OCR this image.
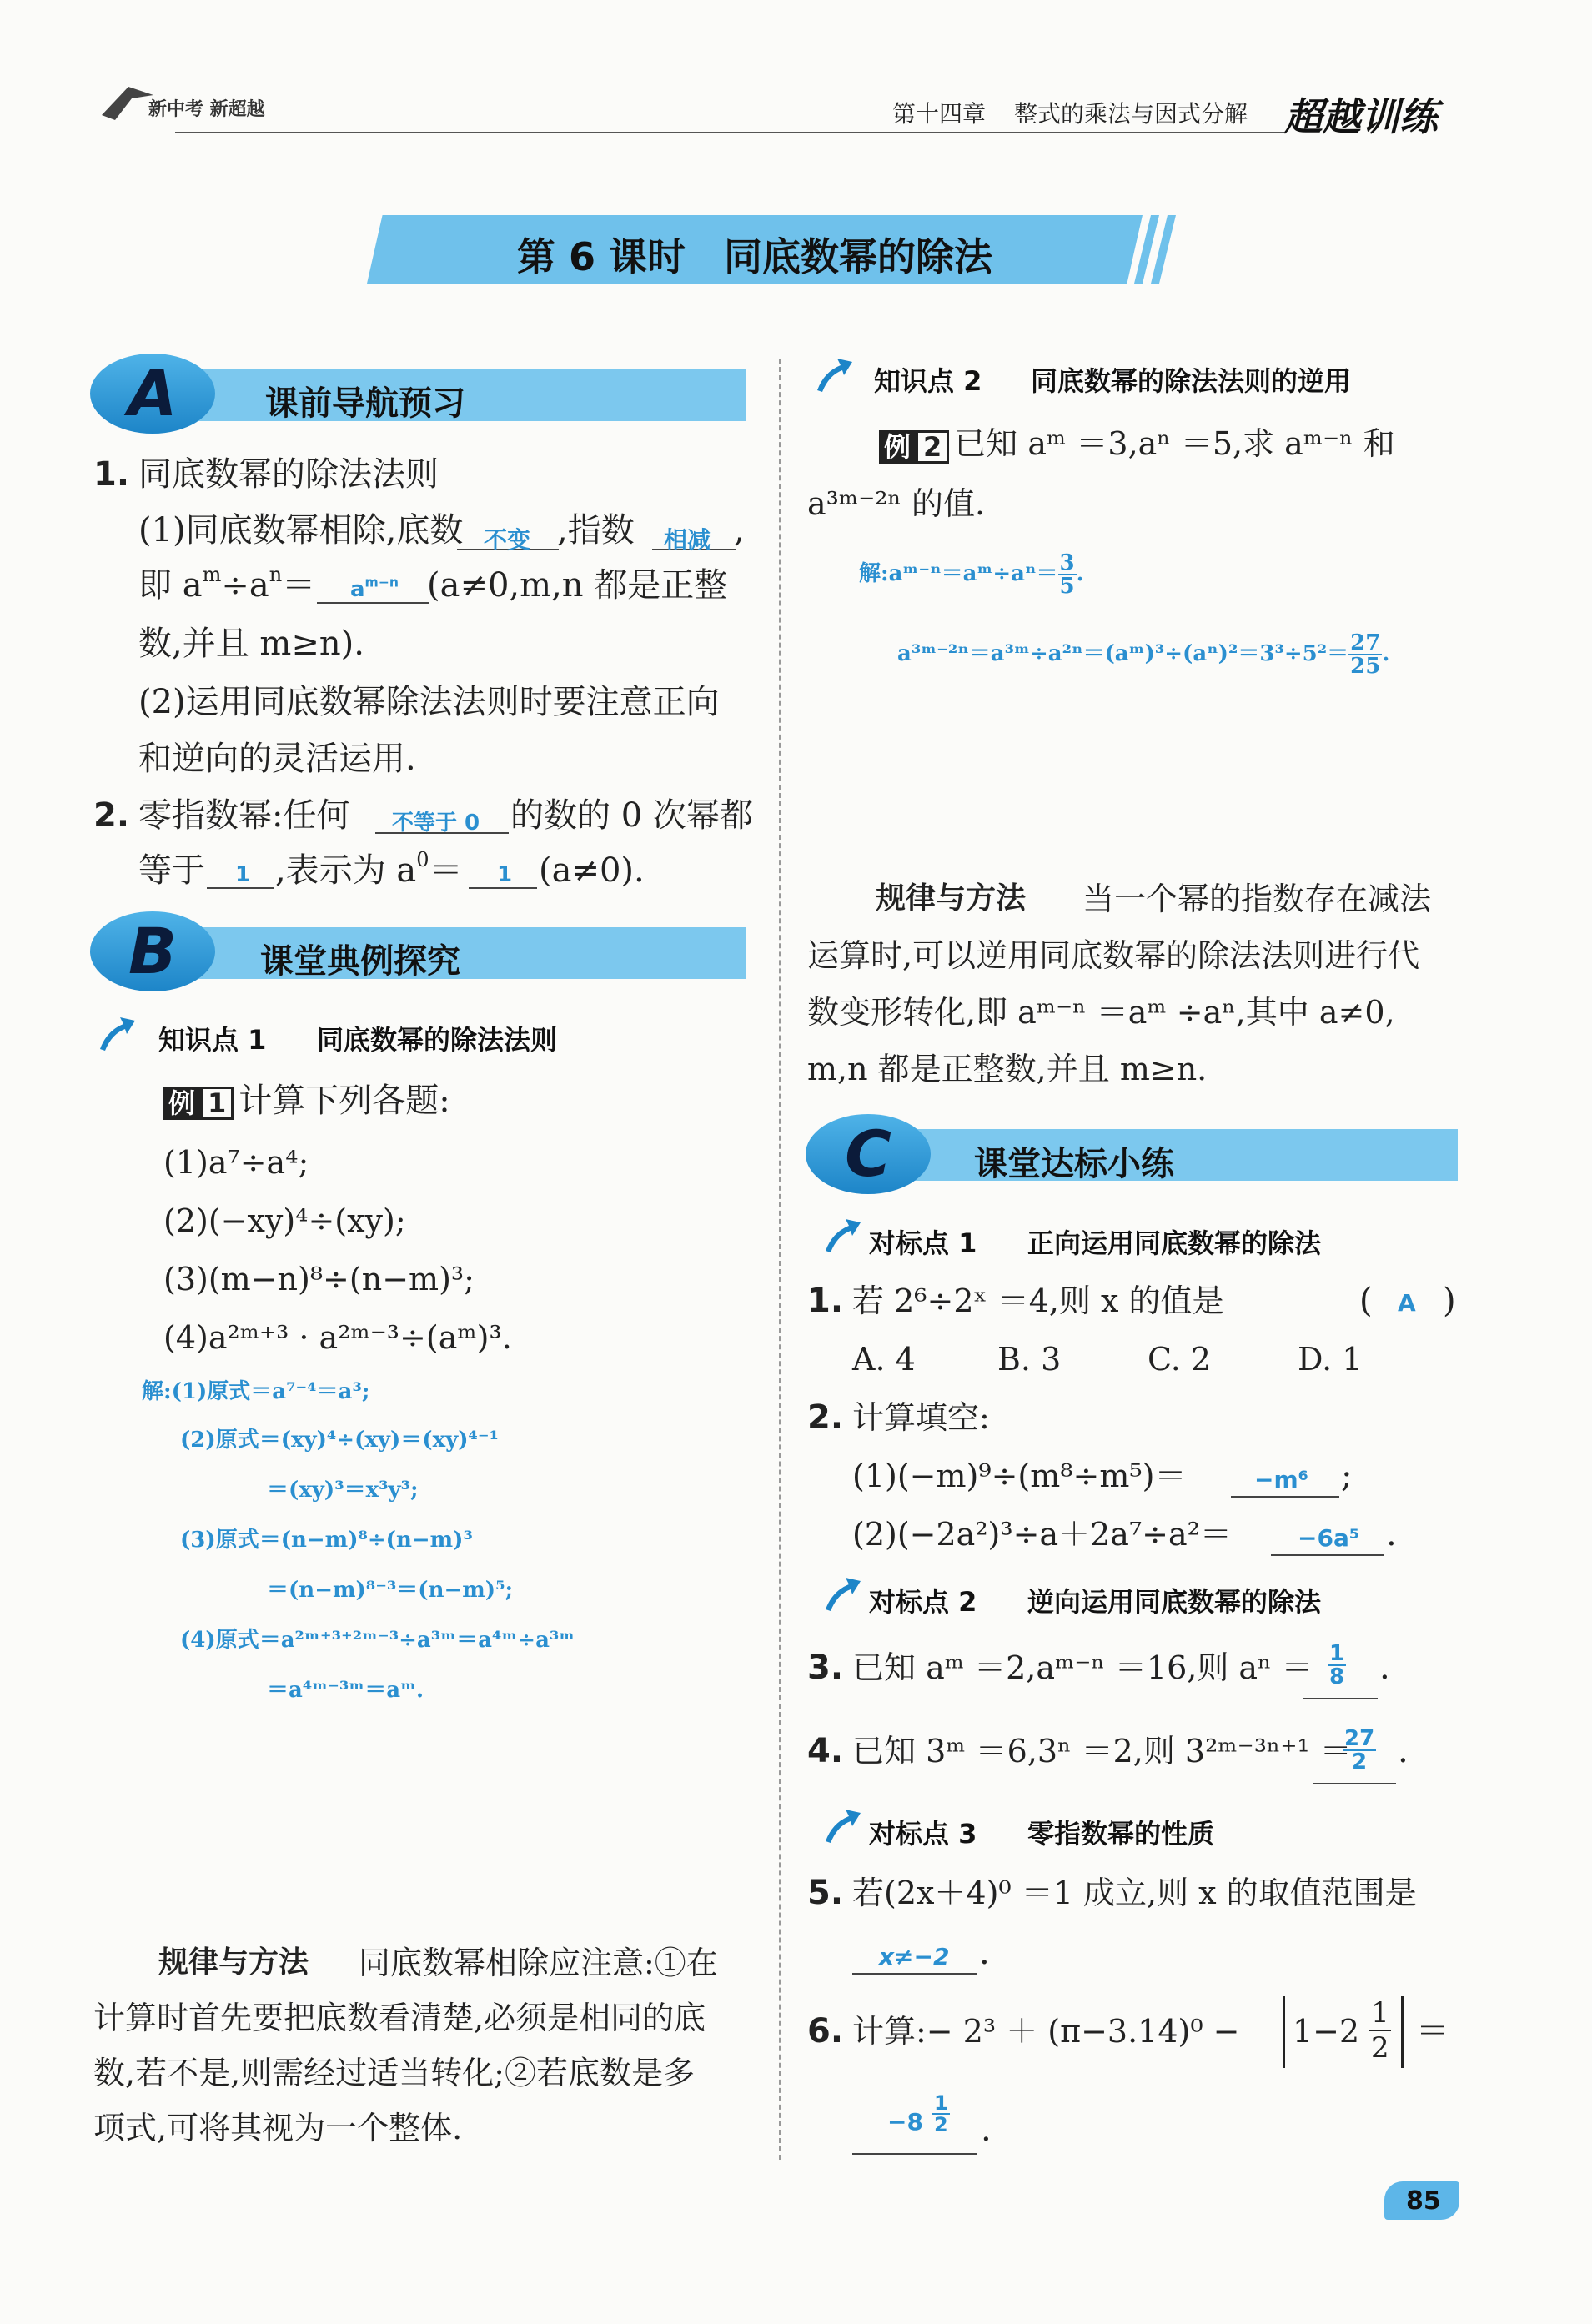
新中考 新超越	第十四章 整式的乘法与因式分解 超越训练
第 6 课时　同底数幂的除法
A	课前导航预习
1. 同底数幂的除法法则
(1)同底数幂相除,底数 不变 ,指数 相减 ,
即 $a^m\div a^n= a^{m-n}$ (a≠0,m,n 都是正整
数,并且 m≥n).
(2)运用同底数幂除法法则时要注意正向
和逆向的灵活运用.
2. 零指数幂:任何 不等于 0 的数的 0 次幂都
等于 1 ,表示为 $a^0= 1$ (a≠0).
B	课堂典例探究
知识点 1 同底数幂的除法法则
例 1 计算下列各题:
(1)a⁷÷a⁴;
(2)(−xy)⁴÷(xy);
(3)(m−n)⁸÷(n−m)³;
(4)a²ᵐ⁺³ · a²ᵐ⁻³÷(aᵐ)³.
解:(1)原式＝a⁷⁻⁴＝a³;
(2)原式＝(xy)⁴÷(xy)＝(xy)⁴⁻¹
＝(xy)³＝x³y³;
(3)原式＝(n−m)⁸÷(n−m)³
＝(n−m)⁸⁻³＝(n−m)⁵;
(4)原式＝a²ᵐ⁺³⁺²ᵐ⁻³÷a³ᵐ＝a⁴ᵐ÷a³ᵐ
＝a⁴ᵐ⁻³ᵐ＝aᵐ.
规律与方法 同底数幂相除应注意:①在
计算时首先要把底数看清楚,必须是相同的底
数,若不是,则需经过适当转化;②若底数是多
项式,可将其视为一个整体.
知识点 2 同底数幂的除法法则的逆用
例 2 已知 aᵐ ＝3,aⁿ ＝5,求 aᵐ⁻ⁿ 和
a³ᵐ⁻²ⁿ 的值.
解:aᵐ⁻ⁿ＝aᵐ÷aⁿ＝ $\frac{3}{5}$ .
a³ᵐ⁻²ⁿ＝a³ᵐ÷a²ⁿ＝(aᵐ)³÷(aⁿ)²＝3³÷5²＝ $\frac{27}{25}$ .
规律与方法 当一个幂的指数存在减法
运算时,可以逆用同底数幂的除法法则进行代
数变形转化,即 aᵐ⁻ⁿ ＝aᵐ ÷aⁿ,其中 a≠0,
m,n 都是正整数,并且 m≥n.
C	课堂达标小练
对标点 1 正向运用同底数幂的除法
1. 若 2⁶÷2ˣ ＝4,则 x 的值是	( A )
A. 4	B. 3	C. 2	D. 1
2. 计算填空:
(1)(−m)⁹÷(m⁸÷m⁵)＝	−m⁶ ;
(2)(−2a²)³÷a＋2a⁷÷a²＝	−6a⁵ .
对标点 2 逆向运用同底数幂的除法
3. 已知 aᵐ ＝2,aᵐ⁻ⁿ ＝16,则 $a^n = \frac{1}{8}$ .
4. 已知 3ᵐ ＝6,3ⁿ ＝2,则 3²ᵐ⁻³ⁿ⁺¹ ＝
$\frac{27}{2}$ .
对标点 3 零指数幂的性质
5. 若(2x＋4)⁰ ＝1 成立,则 x 的取值范围是
x≠−2 .
6. 计算:− $2^3 + (\pi-3.14)^0 - 1-2 \frac{1}{2}$ ＝
$-8 \frac{1}{2}$ .
85
